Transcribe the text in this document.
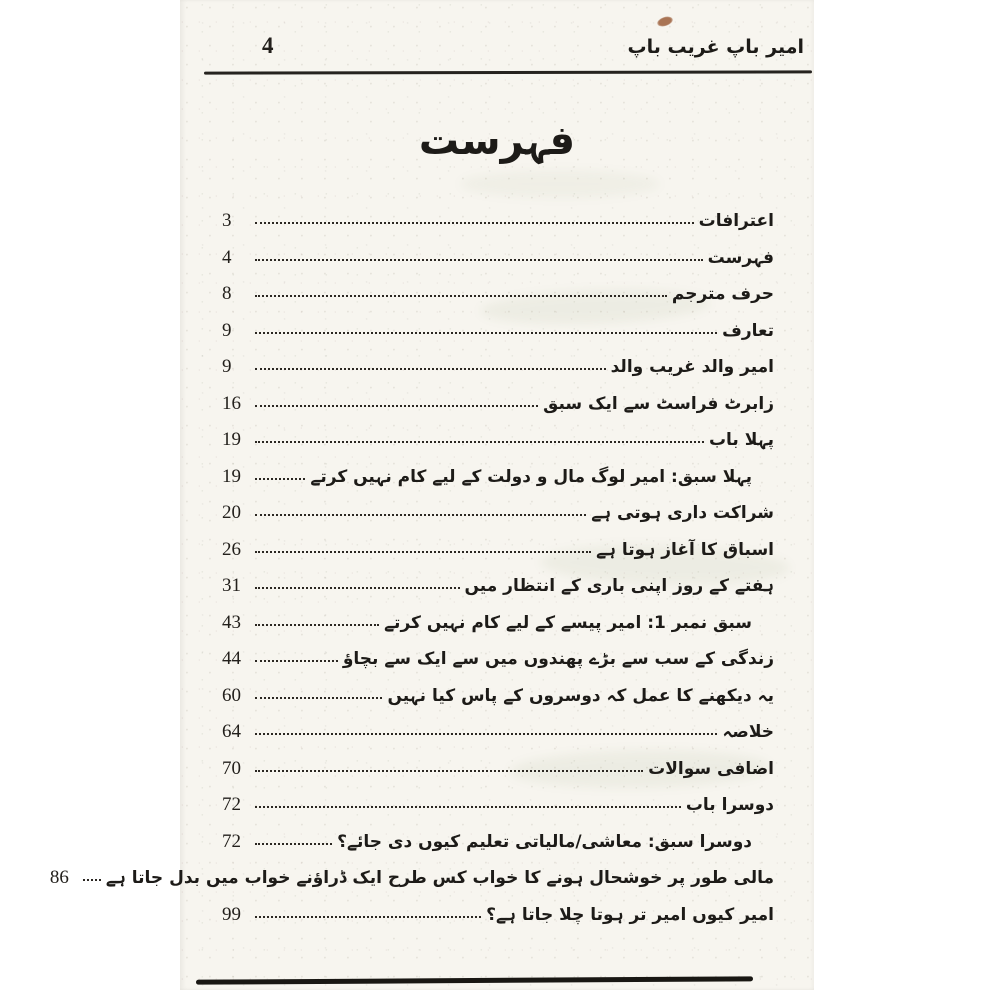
4	امیر باپ غریب باپ
فہرست
اعترافات
3
فہرست
4
حرف مترجم
8
تعارف
9
امیر والد غریب والد
9
زابرٹ فراسٹ سے ایک سبق
16
پہلا باب
19
پہلا سبق: امیر لوگ مال و دولت کے لیے کام نہیں کرتے
19
شراکت داری ہوتی ہے
20
اسباق کا آغاز ہوتا ہے
26
ہفتے کے روز اپنی باری کے انتظار میں
31
سبق نمبر 1: امیر پیسے کے لیے کام نہیں کرتے
43
زندگی کے سب سے بڑے پھندوں میں سے ایک سے بچاؤ
44
یہ دیکھنے کا عمل کہ دوسروں کے پاس کیا نہیں
60
خلاصہ
64
اضافی سوالات
70
دوسرا باب
72
دوسرا سبق: معاشی/مالیاتی تعلیم کیوں دی جائے؟
72
مالی طور پر خوشحال ہونے کا خواب کس طرح ایک ڈراؤنے خواب میں بدل جاتا ہے
86
امیر کیوں امیر تر ہوتا چلا جاتا ہے؟
99
